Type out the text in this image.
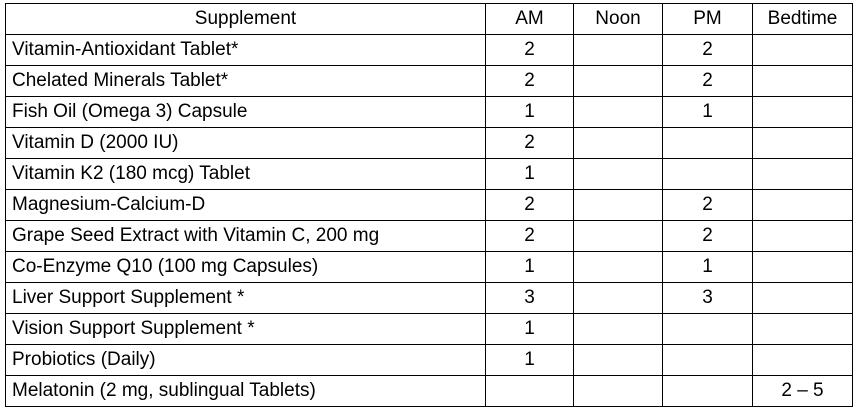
Supplement	AM	Noon	PM	Bedtime
Vitamin-Antioxidant Tablet*	2		2	
Chelated Minerals Tablet*	2		2	
Fish Oil (Omega 3) Capsule	1		1	
Vitamin D (2000 IU)	2			
Vitamin K2 (180 mcg) Tablet	1			
Magnesium-Calcium-D	2		2	
Grape Seed Extract with Vitamin C, 200 mg	2		2	
Co-Enzyme Q10 (100 mg Capsules)	1		1	
Liver Support Supplement *	3		3	
Vision Support Supplement *	1			
Probiotics (Daily)	1			
Melatonin (2 mg, sublingual Tablets)				2 – 5
